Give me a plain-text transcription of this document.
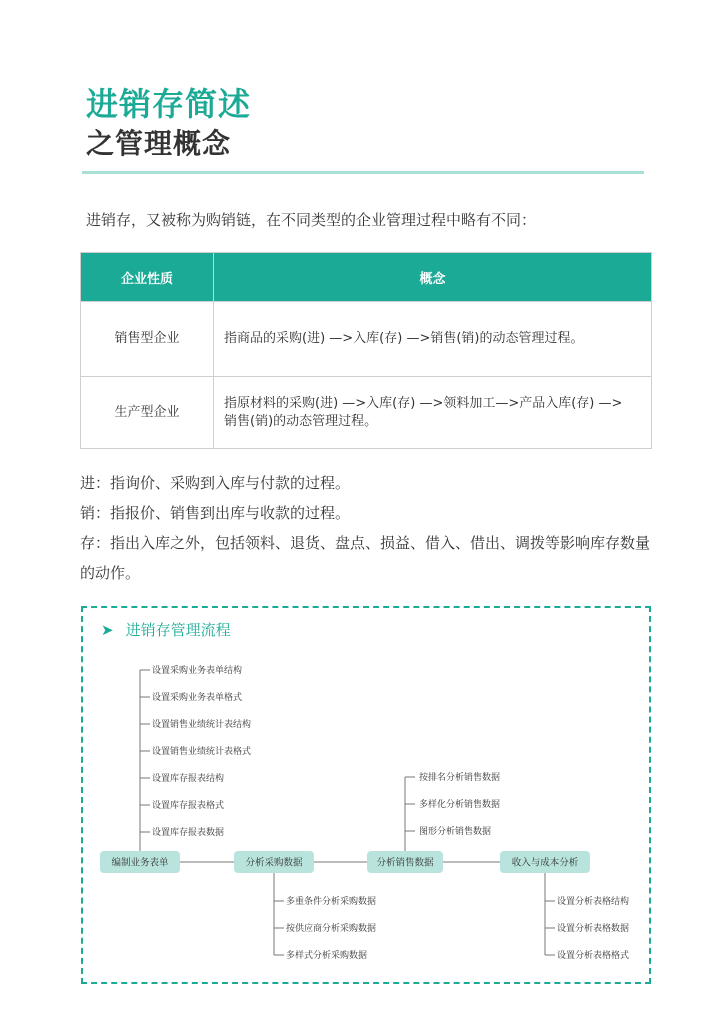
进销存简述
之管理概念
进销存，又被称为购销链，在不同类型的企业管理过程中略有不同：
企业性质	概念
销售型企业	指商品的采购(进) —>入库(存) —>销售(销)的动态管理过程。
生产型企业	指原材料的采购(进) —>入库(存) —>领料加工—>产品入库(存) —>
销售(销)的动态管理过程。

进：指询价、采购到入库与付款的过程。

销：指报价、销售到出库与收款的过程。

存：指出入库之外，包括领料、退货、盘点、损益、借入、借出、调拨等影响库存数量的动作。

➤ 进销存管理流程
设置采购业务表单结构
设置采购业务表单格式
设置销售业绩统计表结构
设置销售业绩统计表格式
设置库存报表结构
设置库存报表格式
设置库存报表数据
按排名分析销售数据
多样化分析销售数据
图形分析销售数据
多重条件分析采购数据
按供应商分析采购数据
多样式分析采购数据
设置分析表格结构
设置分析表格数据
设置分析表格格式
编制业务表单	分析采购数据	分析销售数据	收入与成本分析
